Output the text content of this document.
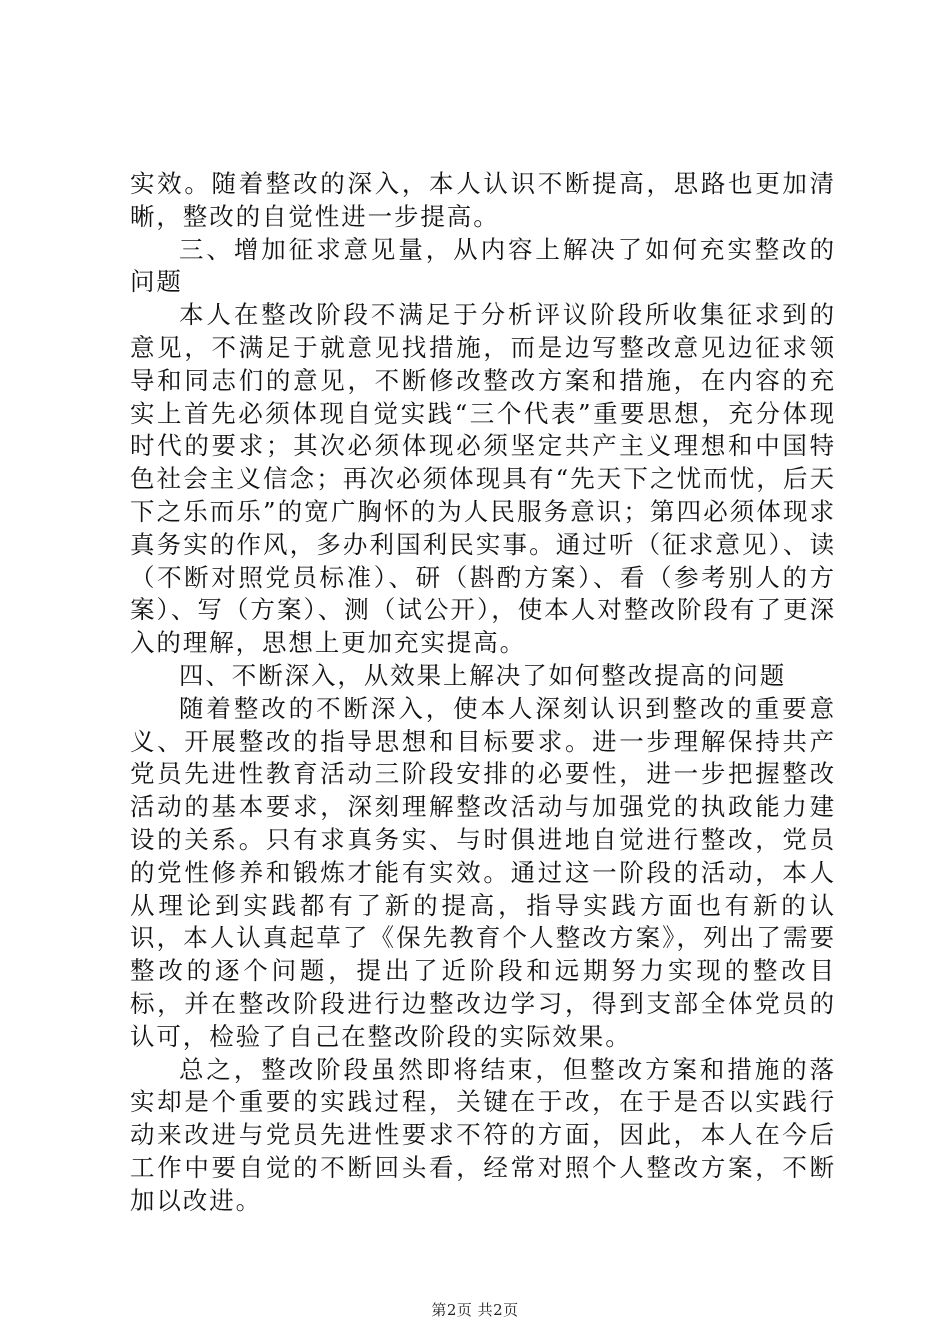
实效。随着整改的深入，本人认识不断提高，思路也更加清晰，整改的自觉性进一步提高。

三、增加征求意见量，从内容上解决了如何充实整改的问题

本人在整改阶段不满足于分析评议阶段所收集征求到的意见，不满足于就意见找措施，而是边写整改意见边征求领导和同志们的意见，不断修改整改方案和措施，在内容的充实上首先必须体现自觉实践“三个代表”重要思想，充分体现时代的要求；其次必须体现必须坚定共产主义理想和中国特色社会主义信念；再次必须体现具有“先天下之忧而忧，后天下之乐而乐”的宽广胸怀的为人民服务意识；第四必须体现求真务实的作风，多办利国利民实事。通过听（征求意见）、读（不断对照党员标准）、研（斟酌方案）、看（参考别人的方案）、写（方案）、测（试公开），使本人对整改阶段有了更深入的理解，思想上更加充实提高。

四、不断深入，从效果上解决了如何整改提高的问题

随着整改的不断深入，使本人深刻认识到整改的重要意义、开展整改的指导思想和目标要求。进一步理解保持共产党员先进性教育活动三阶段安排的必要性，进一步把握整改活动的基本要求，深刻理解整改活动与加强党的执政能力建设的关系。只有求真务实、与时俱进地自觉进行整改，党员的党性修养和锻炼才能有实效。通过这一阶段的活动，本人从理论到实践都有了新的提高，指导实践方面也有新的认识，本人认真起草了《保先教育个人整改方案》，列出了需要整改的逐个问题，提出了近阶段和远期努力实现的整改目标，并在整改阶段进行边整改边学习，得到支部全体党员的认可，检验了自己在整改阶段的实际效果。

总之，整改阶段虽然即将结束，但整改方案和措施的落实却是个重要的实践过程，关键在于改，在于是否以实践行动来改进与党员先进性要求不符的方面，因此，本人在今后工作中要自觉的不断回头看，经常对照个人整改方案，不断加以改进。

第2页 共2页
